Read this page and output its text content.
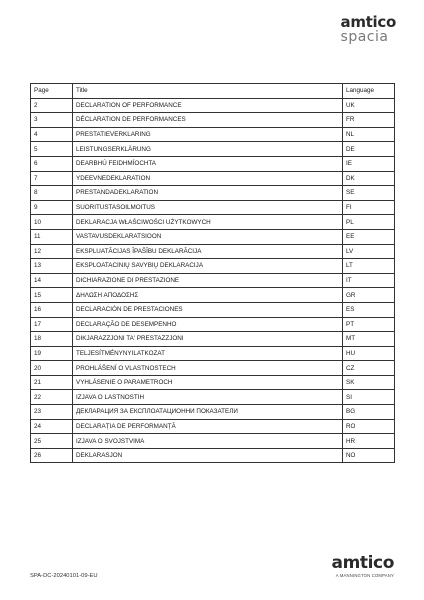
amtico
spacia
Page	Title	Language
2	DECLARATION OF PERFORMANCE	UK
3	DÉCLARATION DE PERFORMANCES	FR
4	PRESTATIEVERKLARING	NL
5	LEISTUNGSERKLÄRUNG	DE
6	DEARBHÚ FEIDHMÍOCHTA	IE
7	YDEEVNEDEKLARATION	DK
8	PRESTANDADEKLARATION	SE
9	SUORITUSTASOILMOITUS	FI
10	DEKLARACJA WŁAŚCIWOŚCI UŻYTKOWYCH	PL
11	VASTAVUSDEKLARATSIOON	EE
12	EKSPLUATĀCIJAS ĪPAŠĪBU DEKLARĀCIJA	LV
13	EKSPLOATACINIŲ SAVYBIŲ DEKLARACIJA	LT
14	DICHIARAZIONE DI PRESTAZIONE	IT
15	ΔΗΛΩΣΗ ΑΠΟΔΟΣΗΣ	GR
16	DECLARACIÓN DE PRESTACIONES	ES
17	DECLARAÇÃO DE DESEMPENHO	PT
18	DIKJARAZZJONI TA' PRESTAZZJONI	MT
19	TELJESÍTMÉNYNYILATKOZAT	HU
20	PROHLÁŠENÍ O VLASTNOSTECH	CZ
21	VYHLÁSENIE O PARAMETROCH	SK
22	IZJAVA O LASTNOSTIH	SI
23	ДЕКЛАРАЦИЯ ЗА ЕКСПЛОАТАЦИОННИ ПОКАЗАТЕЛИ	BG
24	DECLARAȚIA DE PERFORMANȚĂ	RO
25	IZJAVA O SVOJSTVIMA	HR
26	DEKLARASJON	NO
SPA-DC-20240101-09-EU
amtico
A MANNINGTON COMPANY
